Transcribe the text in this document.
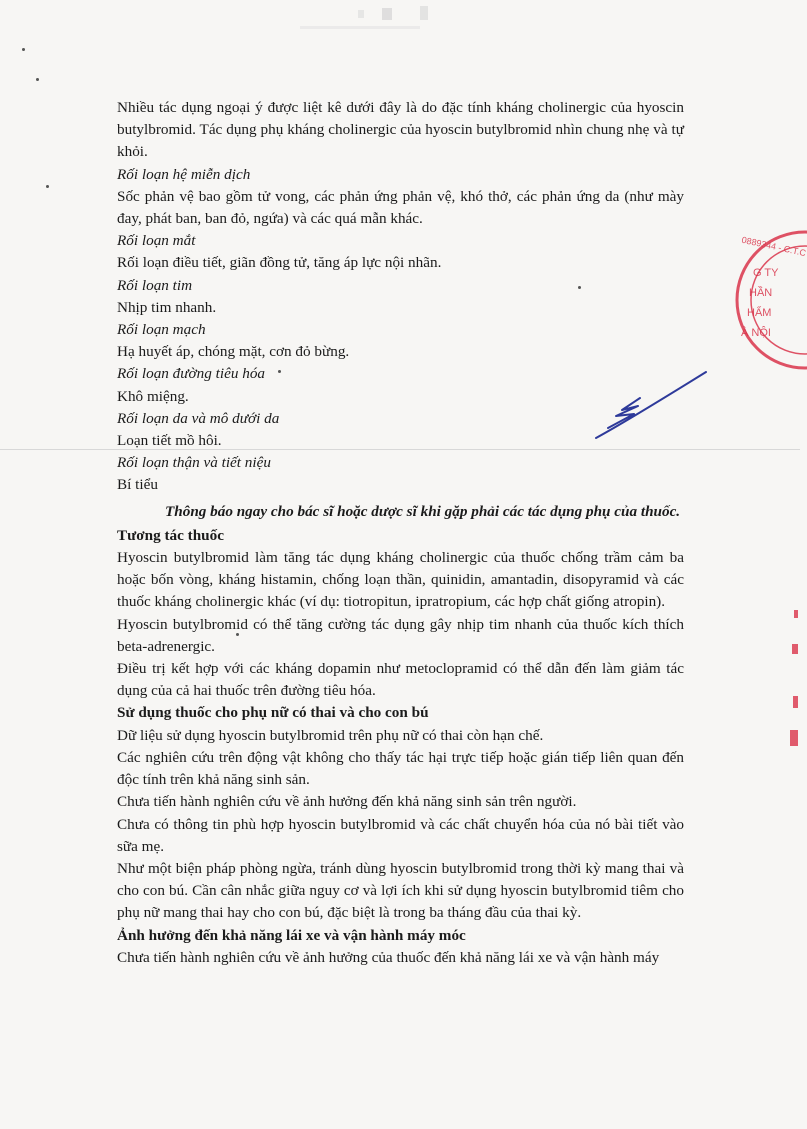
Nhiều tác dụng ngoại ý được liệt kê dưới đây là do đặc tính kháng cholinergic của hyoscin butylbromid. Tác dụng phụ kháng cholinergic của hyoscin butylbromid nhìn chung nhẹ và tự khỏi.

Rối loạn hệ miễn dịch

Sốc phản vệ bao gồm tử vong, các phản ứng phản vệ, khó thở, các phản ứng da (như mày đay, phát ban, ban đỏ, ngứa) và các quá mẫn khác.

Rối loạn mắt

Rối loạn điều tiết, giãn đồng tử, tăng áp lực nội nhãn.

Rối loạn tim

Nhịp tim nhanh.

Rối loạn mạch

Hạ huyết áp, chóng mặt, cơn đỏ bừng.

Rối loạn đường tiêu hóa

Khô miệng.

Rối loạn da và mô dưới da

Loạn tiết mồ hôi.

Rối loạn thận và tiết niệu

Bí tiểu

Thông báo ngay cho bác sĩ hoặc dược sĩ khi gặp phải các tác dụng phụ của thuốc.

Tương tác thuốc

Hyoscin butylbromid làm tăng tác dụng kháng cholinergic của thuốc chống trầm cảm ba hoặc bốn vòng, kháng histamin, chống loạn thần, quinidin, amantadin, disopyramid và các thuốc kháng cholinergic khác (ví dụ: tiotropitun, ipratropium, các hợp chất giống atropin).

Hyoscin butylbromid có thể tăng cường tác dụng gây nhịp tim nhanh của thuốc kích thích beta-adrenergic.

Điều trị kết hợp với các kháng dopamin như metoclopramid có thể dẫn đến làm giảm tác dụng của cả hai thuốc trên đường tiêu hóa.

Sử dụng thuốc cho phụ nữ có thai và cho con bú

Dữ liệu sử dụng hyoscin butylbromid trên phụ nữ có thai còn hạn chế.

Các nghiên cứu trên động vật không cho thấy tác hại trực tiếp hoặc gián tiếp liên quan đến độc tính trên khả năng sinh sản.

Chưa tiến hành nghiên cứu về ảnh hưởng đến khả năng sinh sản trên người.

Chưa có thông tin phù hợp hyoscin butylbromid và các chất chuyển hóa của nó bài tiết vào sữa mẹ.

Như một biện pháp phòng ngừa, tránh dùng hyoscin butylbromid trong thời kỳ mang thai và cho con bú. Cần cân nhắc giữa nguy cơ và lợi ích khi sử dụng hyoscin butylbromid tiêm cho phụ nữ mang thai hay cho con bú, đặc biệt là trong ba tháng đầu của thai kỳ.

Ảnh hưởng đến khả năng lái xe và vận hành máy móc

Chưa tiến hành nghiên cứu về ảnh hưởng của thuốc đến khả năng lái xe và vận hành máy

0889344 - C.T.C
G TY
HẦN
HẨM
À NỘI
